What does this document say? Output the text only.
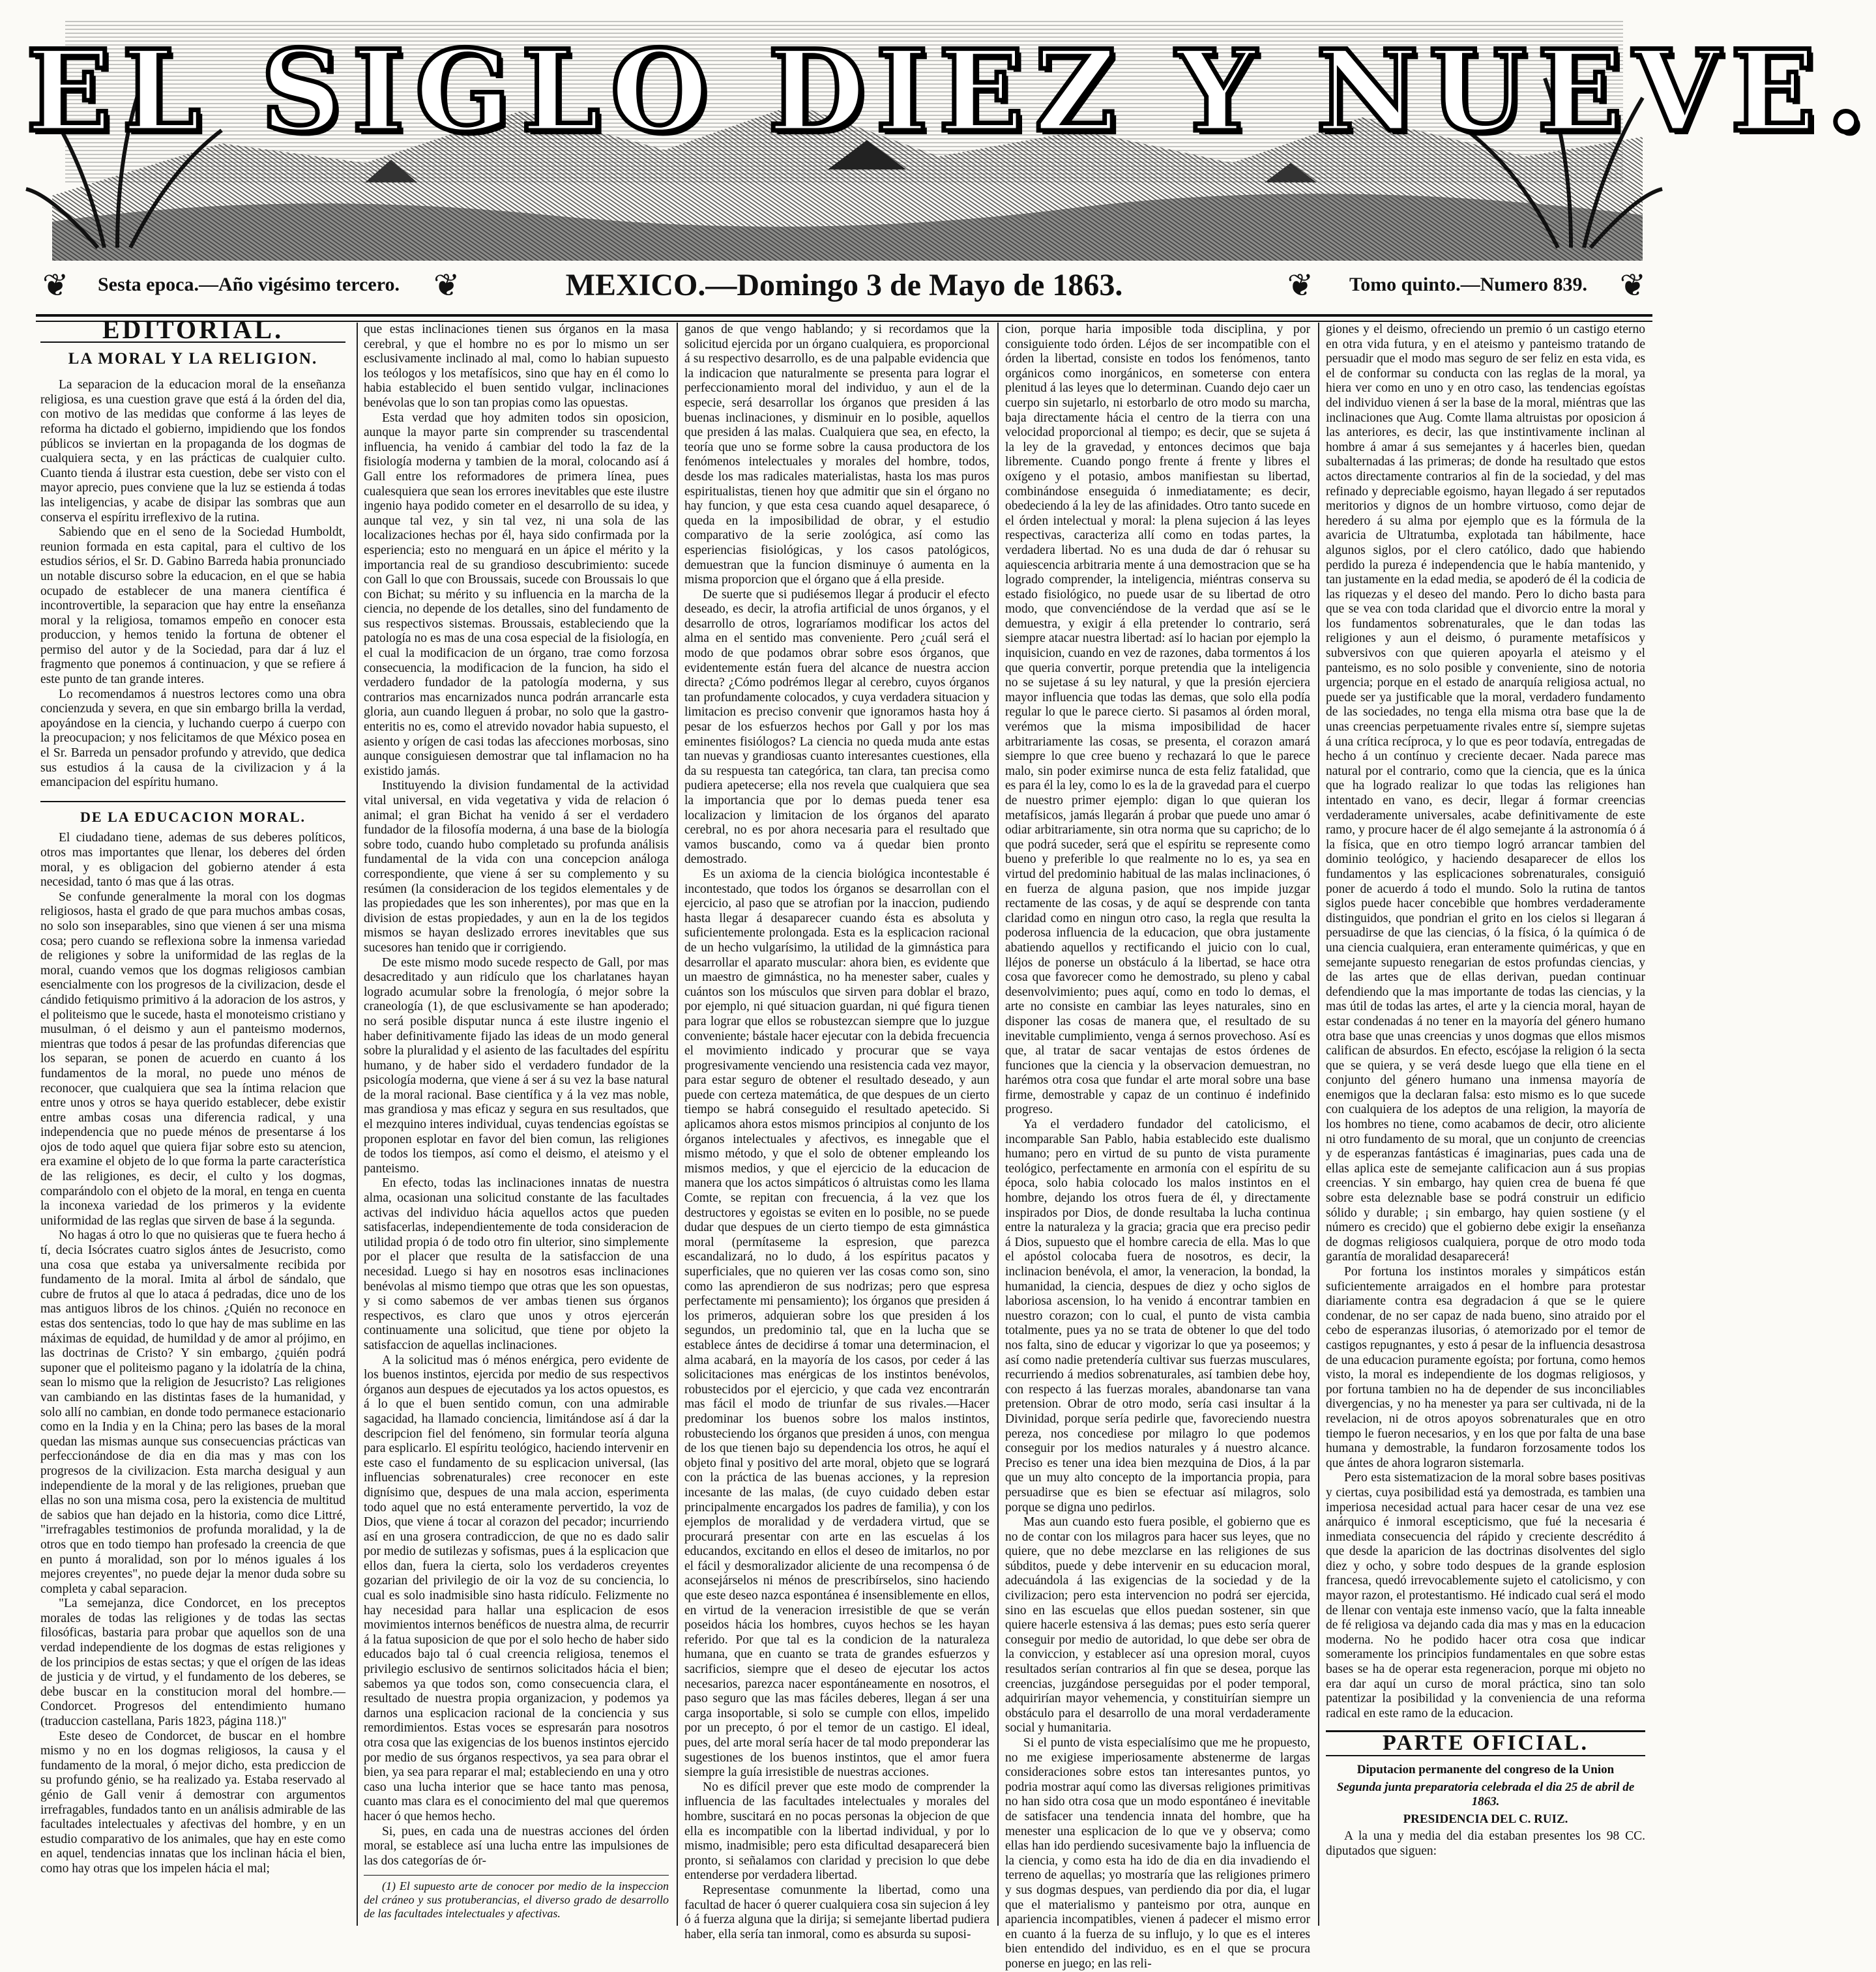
EL SIGLO DIEZ Y NUEVE.
❦ Sesta epoca.—Año vigésimo tercero. ❦	MEXICO.—Domingo 3 de Mayo de 1863.	❦ Tomo quinto.—Numero 839. ❦
EDITORIAL.
LA MORAL Y LA RELIGION.

La separacion de la educacion moral de la enseñanza religiosa, es una cuestion grave que está á la órden del dia, con motivo de las medidas que conforme á las leyes de reforma ha dictado el gobierno, impidiendo que los fondos públicos se inviertan en la propaganda de los dogmas de cualquiera secta, y en las prácticas de cualquier culto. Cuanto tienda á ilustrar esta cuestion, debe ser visto con el mayor aprecio, pues conviene que la luz se estienda á todas las inteligencias, y acabe de disipar las sombras que aun conserva el espíritu irreflexivo de la rutina.

Sabiendo que en el seno de la Sociedad Humboldt, reunion formada en esta capital, para el cultivo de los estudios sérios, el Sr. D. Gabino Barreda habia pronunciado un notable discurso sobre la educacion, en el que se habia ocupado de establecer de una manera científica é incontrovertible, la separacion que hay entre la enseñanza moral y la religiosa, tomamos empeño en conocer esta produccion, y hemos tenido la fortuna de obtener el permiso del autor y de la Sociedad, para dar á luz el fragmento que ponemos á continuacion, y que se refiere á este punto de tan grande interes.

Lo recomendamos á nuestros lectores como una obra concienzuda y severa, en que sin embargo brilla la verdad, apoyándose en la ciencia, y luchando cuerpo á cuerpo con la preocupacion; y nos felicitamos de que México posea en el Sr. Barreda un pensador profundo y atrevido, que dedica sus estudios á la causa de la civilizacion y á la emancipacion del espíritu humano.

DE LA EDUCACION MORAL.

El ciudadano tiene, ademas de sus deberes políticos, otros mas importantes que llenar, los deberes del órden moral, y es obligacion del gobierno atender á esta necesidad, tanto ó mas que á las otras.

Se confunde generalmente la moral con los dogmas religiosos, hasta el grado de que para muchos ambas cosas, no solo son inseparables, sino que vienen á ser una misma cosa; pero cuando se reflexiona sobre la inmensa variedad de religiones y sobre la uniformidad de las reglas de la moral, cuando vemos que los dogmas religiosos cambian esencialmente con los progresos de la civilizacion, desde el cándido fetiquismo primitivo á la adoracion de los astros, y el politeismo que le sucede, hasta el monoteismo cristiano y musulman, ó el deismo y aun el panteismo modernos, mientras que todos á pesar de las profundas diferencias que los separan, se ponen de acuerdo en cuanto á los fundamentos de la moral, no puede uno ménos de reconocer, que cualquiera que sea la íntima relacion que entre unos y otros se haya querido establecer, debe existir entre ambas cosas una diferencia radical, y una independencia que no puede ménos de presentarse á los ojos de todo aquel que quiera fijar sobre esto su atencion, era examine el objeto de lo que forma la parte característica de las religiones, es decir, el culto y los dogmas, comparándolo con el objeto de la moral, en tenga en cuenta la inconexa variedad de los primeros y la evidente uniformidad de las reglas que sirven de base á la segunda.

No hagas á otro lo que no quisieras que te fuera hecho á tí, decia Isócrates cuatro siglos ántes de Jesucristo, como una cosa que estaba ya universalmente recibida por fundamento de la moral. Imita al árbol de sándalo, que cubre de frutos al que lo ataca á pedradas, dice uno de los mas antiguos libros de los chinos. ¿Quién no reconoce en estas dos sentencias, todo lo que hay de mas sublime en las máximas de equidad, de humildad y de amor al prójimo, en las doctrinas de Cristo? Y sin embargo, ¿quién podrá suponer que el politeismo pagano y la idolatría de la china, sean lo mismo que la religion de Jesucristo? Las religiones van cambiando en las distintas fases de la humanidad, y solo allí no cambian, en donde todo permanece estacionario como en la India y en la China; pero las bases de la moral quedan las mismas aunque sus consecuencias prácticas van perfeccionándose de dia en dia mas y mas con los progresos de la civilizacion. Esta marcha desigual y aun independiente de la moral y de las religiones, prueban que ellas no son una misma cosa, pero la existencia de multitud de sabios que han dejado en la historia, como dice Littré, "irrefragables testimonios de profunda moralidad, y la de otros que en todo tiempo han profesado la creencia de que en punto á moralidad, son por lo ménos iguales á los mejores creyentes", no puede dejar la menor duda sobre su completa y cabal separacion.

"La semejanza, dice Condorcet, en los preceptos morales de todas las religiones y de todas las sectas filosóficas, bastaria para probar que aquellos son de una verdad independiente de los dogmas de estas religiones y de los principios de estas sectas; y que el orígen de las ideas de justicia y de virtud, y el fundamento de los deberes, se debe buscar en la constitucion moral del hombre.—Condorcet. Progresos del entendimiento humano (traduccion castellana, Paris 1823, página 118.)"

Este deseo de Condorcet, de buscar en el hombre mismo y no en los dogmas religiosos, la causa y el fundamento de la moral, ó mejor dicho, esta prediccion de su profundo génio, se ha realizado ya. Estaba reservado al génio de Gall venir á demostrar con argumentos irrefragables, fundados tanto en un análisis admirable de las facultades intelectuales y afectivas del hombre, y en un estudio comparativo de los animales, que hay en este como en aquel, tendencias innatas que los inclinan hácia el bien, como hay otras que los impelen hácia el mal;

que estas inclinaciones tienen sus órganos en la masa cerebral, y que el hombre no es por lo mismo un ser esclusivamente inclinado al mal, como lo habian supuesto los teólogos y los metafísicos, sino que hay en él como lo habia establecido el buen sentido vulgar, inclinaciones benévolas que lo son tan propias como las opuestas.

Esta verdad que hoy admiten todos sin oposicion, aunque la mayor parte sin comprender su trascendental influencia, ha venido á cambiar del todo la faz de la fisiología moderna y tambien de la moral, colocando así á Gall entre los reformadores de primera línea, pues cualesquiera que sean los errores inevitables que este ilustre ingenio haya podido cometer en el desarrollo de su idea, y aunque tal vez, y sin tal vez, ni una sola de las localizaciones hechas por él, haya sido confirmada por la esperiencia; esto no menguará en un ápice el mérito y la importancia real de su grandioso descubrimiento: sucede con Gall lo que con Broussais, sucede con Broussais lo que con Bichat; su mérito y su influencia en la marcha de la ciencia, no depende de los detalles, sino del fundamento de sus respectivos sistemas. Broussais, estableciendo que la patología no es mas de una cosa especial de la fisiología, en el cual la modificacion de un órgano, trae como forzosa consecuencia, la modificacion de la funcion, ha sido el verdadero fundador de la patología moderna, y sus contrarios mas encarnizados nunca podrán arrancarle esta gloria, aun cuando lleguen á probar, no solo que la gastro-enteritis no es, como el atrevido novador habia supuesto, el asiento y orígen de casi todas las afecciones morbosas, sino aunque consiguiesen demostrar que tal inflamacion no ha existido jamás.

Instituyendo la division fundamental de la actividad vital universal, en vida vegetativa y vida de relacion ó animal; el gran Bichat ha venido á ser el verdadero fundador de la filosofía moderna, á una base de la biología sobre todo, cuando hubo completado su profunda análisis fundamental de la vida con una concepcion análoga correspondiente, que viene á ser su complemento y su resúmen (la consideracion de los tegidos elementales y de las propiedades que les son inherentes), por mas que en la division de estas propiedades, y aun en la de los tegidos mismos se hayan deslizado errores inevitables que sus sucesores han tenido que ir corrigiendo.

De este mismo modo sucede respecto de Gall, por mas desacreditado y aun ridículo que los charlatanes hayan logrado acumular sobre la frenología, ó mejor sobre la craneología (1), de que esclusivamente se han apoderado; no será posible disputar nunca á este ilustre ingenio el haber definitivamente fijado las ideas de un modo general sobre la pluralidad y el asiento de las facultades del espíritu humano, y de haber sido el verdadero fundador de la psicología moderna, que viene á ser á su vez la base natural de la moral racional. Base científica y á la vez mas noble, mas grandiosa y mas eficaz y segura en sus resultados, que el mezquino interes individual, cuyas tendencias egoístas se proponen esplotar en favor del bien comun, las religiones de todos los tiempos, así como el deismo, el ateismo y el panteismo.

En efecto, todas las inclinaciones innatas de nuestra alma, ocasionan una solicitud constante de las facultades activas del individuo hácia aquellos actos que pueden satisfacerlas, independientemente de toda consideracion de utilidad propia ó de todo otro fin ulterior, sino simplemente por el placer que resulta de la satisfaccion de una necesidad. Luego si hay en nosotros esas inclinaciones benévolas al mismo tiempo que otras que les son opuestas, y si como sabemos de ver ambas tienen sus órganos respectivos, es claro que unos y otros ejercerán continuamente una solicitud, que tiene por objeto la satisfaccion de aquellas inclinaciones.

A la solicitud mas ó ménos enérgica, pero evidente de los buenos instintos, ejercida por medio de sus respectivos órganos aun despues de ejecutados ya los actos opuestos, es á lo que el buen sentido comun, con una admirable sagacidad, ha llamado conciencia, limitándose así á dar la descripcion fiel del fenómeno, sin formular teoría alguna para esplicarlo. El espíritu teológico, haciendo intervenir en este caso el fundamento de su esplicacion universal, (las influencias sobrenaturales) cree reconocer en este dignísimo que, despues de una mala accion, esperimenta todo aquel que no está enteramente pervertido, la voz de Dios, que viene á tocar al corazon del pecador; incurriendo así en una grosera contradiccion, de que no es dado salir por medio de sutilezas y sofismas, pues á la esplicacion que ellos dan, fuera la cierta, solo los verdaderos creyentes gozarian del privilegio de oir la voz de su conciencia, lo cual es solo inadmisible sino hasta ridículo. Felizmente no hay necesidad para hallar una esplicacion de esos movimientos internos benéficos de nuestra alma, de recurrir á la fatua suposicion de que por el solo hecho de haber sido educados bajo tal ó cual creencia religiosa, tenemos el privilegio esclusivo de sentirnos solicitados hácia el bien; sabemos ya que todos son, como consecuencia clara, el resultado de nuestra propia organizacion, y podemos ya darnos una esplicacion racional de la conciencia y sus remordimientos. Estas voces se espresarán para nosotros otra cosa que las exigencias de los buenos instintos ejercido por medio de sus órganos respectivos, ya sea para obrar el bien, ya sea para reparar el mal; estableciendo en una y otro caso una lucha interior que se hace tanto mas penosa, cuanto mas clara es el conocimiento del mal que queremos hacer ó que hemos hecho.

Si, pues, en cada una de nuestras acciones del órden moral, se establece así una lucha entre las impulsiones de las dos categorías de ór-

(1) El supuesto arte de conocer por medio de la inspeccion del cráneo y sus protuberancias, el diverso grado de desarrollo de las facultades intelectuales y afectivas.

ganos de que vengo hablando; y si recordamos que la solicitud ejercida por un órgano cualquiera, es proporcional á su respectivo desarrollo, es de una palpable evidencia que la indicacion que naturalmente se presenta para lograr el perfeccionamiento moral del individuo, y aun el de la especie, será desarrollar los órganos que presiden á las buenas inclinaciones, y disminuir en lo posible, aquellos que presiden á las malas. Cualquiera que sea, en efecto, la teoría que uno se forme sobre la causa productora de los fenómenos intelectuales y morales del hombre, todos, desde los mas radicales materialistas, hasta los mas puros espiritualistas, tienen hoy que admitir que sin el órgano no hay funcion, y que esta cesa cuando aquel desaparece, ó queda en la imposibilidad de obrar, y el estudio comparativo de la serie zoológica, así como las esperiencias fisiológicas, y los casos patológicos, demuestran que la funcion disminuye ó aumenta en la misma proporcion que el órgano que á ella preside.

De suerte que si pudiésemos llegar á producir el efecto deseado, es decir, la atrofia artificial de unos órganos, y el desarrollo de otros, lograríamos modificar los actos del alma en el sentido mas conveniente. Pero ¿cuál será el modo de que podamos obrar sobre esos órganos, que evidentemente están fuera del alcance de nuestra accion directa? ¿Cómo podrémos llegar al cerebro, cuyos órganos tan profundamente colocados, y cuya verdadera situacion y limitacion es preciso convenir que ignoramos hasta hoy á pesar de los esfuerzos hechos por Gall y por los mas eminentes fisiólogos? La ciencia no queda muda ante estas tan nuevas y grandiosas cuanto interesantes cuestiones, ella da su respuesta tan categórica, tan clara, tan precisa como pudiera apetecerse; ella nos revela que cualquiera que sea la importancia que por lo demas pueda tener esa localizacion y limitacion de los órganos del aparato cerebral, no es por ahora necesaria para el resultado que vamos buscando, como va á quedar bien pronto demostrado.

Es un axioma de la ciencia biológica incontestable é incontestado, que todos los órganos se desarrollan con el ejercicio, al paso que se atrofian por la inaccion, pudiendo hasta llegar á desaparecer cuando ésta es absoluta y suficientemente prolongada. Esta es la esplicacion racional de un hecho vulgarísimo, la utilidad de la gimnástica para desarrollar el aparato muscular: ahora bien, es evidente que un maestro de gimnástica, no ha menester saber, cuales y cuántos son los músculos que sirven para doblar el brazo, por ejemplo, ni qué situacion guardan, ni qué figura tienen para lograr que ellos se robustezcan siempre que lo juzgue conveniente; bástale hacer ejecutar con la debida frecuencia el movimiento indicado y procurar que se vaya progresivamente venciendo una resistencia cada vez mayor, para estar seguro de obtener el resultado deseado, y aun puede con certeza matemática, de que despues de un cierto tiempo se habrá conseguido el resultado apetecido. Si aplicamos ahora estos mismos principios al conjunto de los órganos intelectuales y afectivos, es innegable que el mismo método, y que el solo de obtener empleando los mismos medios, y que el ejercicio de la educacion de manera que los actos simpáticos ó altruistas como les llama Comte, se repitan con frecuencia, á la vez que los destructores y egoistas se eviten en lo posible, no se puede dudar que despues de un cierto tiempo de esta gimnástica moral (permítaseme la espresion, que parezca escandalizará, no lo dudo, á los espíritus pacatos y superficiales, que no quieren ver las cosas como son, sino como las aprendieron de sus nodrizas; pero que espresa perfectamente mi pensamiento); los órganos que presiden á los primeros, adquieran sobre los que presiden á los segundos, un predominio tal, que en la lucha que se establece ántes de decidirse á tomar una determinacion, el alma acabará, en la mayoría de los casos, por ceder á las solicitaciones mas enérgicas de los instintos benévolos, robustecidos por el ejercicio, y que cada vez encontrarán mas fácil el modo de triunfar de sus rivales.—Hacer predominar los buenos sobre los malos instintos, robusteciendo los órganos que presiden á unos, con mengua de los que tienen bajo su dependencia los otros, he aquí el objeto final y positivo del arte moral, objeto que se logrará con la práctica de las buenas acciones, y la represion incesante de las malas, (de cuyo cuidado deben estar principalmente encargados los padres de familia), y con los ejemplos de moralidad y de verdadera virtud, que se procurará presentar con arte en las escuelas á los educandos, excitando en ellos el deseo de imitarlos, no por el fácil y desmoralizador aliciente de una recompensa ó de aconsejárselos ni ménos de prescribírselos, sino haciendo que este deseo nazca espontánea é insensiblemente en ellos, en virtud de la veneracion irresistible de que se verán poseidos hácia los hombres, cuyos hechos se les hayan referido. Por que tal es la condicion de la naturaleza humana, que en cuanto se trata de grandes esfuerzos y sacrificios, siempre que el deseo de ejecutar los actos necesarios, parezca nacer espontáneamente en nosotros, el paso seguro que las mas fáciles deberes, llegan á ser una carga insoportable, si solo se cumple con ellos, impelido por un precepto, ó por el temor de un castigo. El ideal, pues, del arte moral sería hacer de tal modo preponderar las sugestiones de los buenos instintos, que el amor fuera siempre la guía irresistible de nuestras acciones.

No es difícil prever que este modo de comprender la influencia de las facultades intelectuales y morales del hombre, suscitará en no pocas personas la objecion de que ella es incompatible con la libertad individual, y por lo mismo, inadmisible; pero esta dificultad desaparecerá bien pronto, si señalamos con claridad y precision lo que debe entenderse por verdadera libertad.

Representase comunmente la libertad, como una facultad de hacer ó querer cualquiera cosa sin sujecion á ley ó á fuerza alguna que la dirija; si semejante libertad pudiera haber, ella sería tan inmoral, como es absurda su suposi-

cion, porque haria imposible toda disciplina, y por consiguiente todo órden. Léjos de ser incompatible con el órden la libertad, consiste en todos los fenómenos, tanto orgánicos como inorgánicos, en someterse con entera plenitud á las leyes que lo determinan. Cuando dejo caer un cuerpo sin sujetarlo, ni estorbarlo de otro modo su marcha, baja directamente hácia el centro de la tierra con una velocidad proporcional al tiempo; es decir, que se sujeta á la ley de la gravedad, y entonces decimos que baja libremente. Cuando pongo frente á frente y libres el oxígeno y el potasio, ambos manifiestan su libertad, combinándose enseguida ó inmediatamente; es decir, obedeciendo á la ley de las afinidades. Otro tanto sucede en el órden intelectual y moral: la plena sujecion á las leyes respectivas, caracteriza allí como en todas partes, la verdadera libertad. No es una duda de dar ó rehusar su aquiescencia arbitraria mente á una demostracion que se ha logrado comprender, la inteligencia, miéntras conserva su estado fisiológico, no puede usar de su libertad de otro modo, que convenciéndose de la verdad que así se le demuestra, y exigir á ella pretender lo contrario, será siempre atacar nuestra libertad: así lo hacian por ejemplo la inquisicion, cuando en vez de razones, daba tormentos á los que queria convertir, porque pretendia que la inteligencia no se sujetase á su ley natural, y que la presión ejerciera mayor influencia que todas las demas, que solo ella podía regular lo que le parece cierto. Si pasamos al órden moral, verémos que la misma imposibilidad de hacer arbitrariamente las cosas, se presenta, el corazon amará siempre lo que cree bueno y rechazará lo que le parece malo, sin poder eximirse nunca de esta feliz fatalidad, que es para él la ley, como lo es la de la gravedad para el cuerpo de nuestro primer ejemplo: digan lo que quieran los metafísicos, jamás llegarán á probar que puede uno amar ó odiar arbitrariamente, sin otra norma que su capricho; de lo que podrá suceder, será que el espíritu se represente como bueno y preferible lo que realmente no lo es, ya sea en virtud del predominio habitual de las malas inclinaciones, ó en fuerza de alguna pasion, que nos impide juzgar rectamente de las cosas, y de aquí se desprende con tanta claridad como en ningun otro caso, la regla que resulta la poderosa influencia de la educacion, que obra justamente abatiendo aquellos y rectificando el juicio con lo cual, lléjos de ponerse un obstáculo á la libertad, se hace otra cosa que favorecer como he demostrado, su pleno y cabal desenvolvimiento; pues aquí, como en todo lo demas, el arte no consiste en cambiar las leyes naturales, sino en disponer las cosas de manera que, el resultado de su inevitable cumplimiento, venga á sernos provechoso. Así es que, al tratar de sacar ventajas de estos órdenes de funciones que la ciencia y la observacion demuestran, no harémos otra cosa que fundar el arte moral sobre una base firme, demostrable y capaz de un continuo é indefinido progreso.

Ya el verdadero fundador del catolicismo, el incomparable San Pablo, habia establecido este dualismo humano; pero en virtud de su punto de vista puramente teológico, perfectamente en armonía con el espíritu de su época, solo habia colocado los malos instintos en el hombre, dejando los otros fuera de él, y directamente inspirados por Dios, de donde resultaba la lucha continua entre la naturaleza y la gracia; gracia que era preciso pedir á Dios, supuesto que el hombre carecia de ella. Mas lo que el apóstol colocaba fuera de nosotros, es decir, la inclinacion benévola, el amor, la veneracion, la bondad, la humanidad, la ciencia, despues de diez y ocho siglos de laboriosa ascension, lo ha venido á encontrar tambien en nuestro corazon; con lo cual, el punto de vista cambia totalmente, pues ya no se trata de obtener lo que del todo nos falta, sino de educar y vigorizar lo que ya poseemos; y así como nadie pretendería cultivar sus fuerzas musculares, recurriendo á medios sobrenaturales, así tambien debe hoy, con respecto á las fuerzas morales, abandonarse tan vana pretension. Obrar de otro modo, sería casi insultar á la Divinidad, porque sería pedirle que, favoreciendo nuestra pereza, nos concediese por milagro lo que podemos conseguir por los medios naturales y á nuestro alcance. Preciso es tener una idea bien mezquina de Dios, á la par que un muy alto concepto de la importancia propia, para persuadirse que es bien se efectuar así milagros, solo porque se digna uno pedirlos.

Mas aun cuando esto fuera posible, el gobierno que es no de contar con los milagros para hacer sus leyes, que no quiere, que no debe mezclarse en las religiones de sus súbditos, puede y debe intervenir en su educacion moral, adecuándola á las exigencias de la sociedad y de la civilizacion; pero esta intervencion no podrá ser ejercida, sino en las escuelas que ellos puedan sostener, sin que quiere hacerle estensiva á las demas; pues esto sería querer conseguir por medio de autoridad, lo que debe ser obra de la conviccion, y establecer así una opresion moral, cuyos resultados serían contrarios al fin que se desea, porque las creencias, juzgándose perseguidas por el poder temporal, adquirirían mayor vehemencia, y constituirían siempre un obstáculo para el desarrollo de una moral verdaderamente social y humanitaria.

Si el punto de vista especialísimo que me he propuesto, no me exigiese imperiosamente abstenerme de largas consideraciones sobre estos tan interesantes puntos, yo podria mostrar aquí como las diversas religiones primitivas no han sido otra cosa que un modo espontáneo é inevitable de satisfacer una tendencia innata del hombre, que ha menester una esplicacion de lo que ve y observa; como ellas han ido perdiendo sucesivamente bajo la influencia de la ciencia, y como esta ha ido de dia en dia invadiendo el terreno de aquellas; yo mostraría que las religiones primero y sus dogmas despues, van perdiendo dia por dia, el lugar que el materialismo y panteismo por otra, aunque en apariencia incompatibles, vienen á padecer el mismo error en cuanto á la fuerza de su influjo, y lo que es el interes bien entendido del individuo, es en el que se procura ponerse en juego; en las reli-

giones y el deismo, ofreciendo un premio ó un castigo eterno en otra vida futura, y en el ateismo y panteismo tratando de persuadir que el modo mas seguro de ser feliz en esta vida, es el de conformar su conducta con las reglas de la moral, ya hiera ver como en uno y en otro caso, las tendencias egoístas del individuo vienen á ser la base de la moral, miéntras que las inclinaciones que Aug. Comte llama altruistas por oposicion á las anteriores, es decir, las que instintivamente inclinan al hombre á amar á sus semejantes y á hacerles bien, quedan subalternadas á las primeras; de donde ha resultado que estos actos directamente contrarios al fin de la sociedad, y del mas refinado y depreciable egoismo, hayan llegado á ser reputados meritorios y dignos de un hombre virtuoso, como dejar de heredero á su alma por ejemplo que es la fórmula de la avaricia de Ultratumba, explotada tan hábilmente, hace algunos siglos, por el clero católico, dado que habiendo perdido la pureza é independencia que le había mantenido, y tan justamente en la edad media, se apoderó de él la codicia de las riquezas y el deseo del mando. Pero lo dicho basta para que se vea con toda claridad que el divorcio entre la moral y los fundamentos sobrenaturales, que le dan todas las religiones y aun el deismo, ó puramente metafísicos y subversivos con que quieren apoyarla el ateismo y el panteismo, es no solo posible y conveniente, sino de notoria urgencia; porque en el estado de anarquía religiosa actual, no puede ser ya justificable que la moral, verdadero fundamento de las sociedades, no tenga ella misma otra base que la de unas creencias perpetuamente rivales entre sí, siempre sujetas á una crítica recíproca, y lo que es peor todavía, entregadas de hecho á un contínuo y creciente decaer. Nada parece mas natural por el contrario, como que la ciencia, que es la única que ha logrado realizar lo que todas las religiones han intentado en vano, es decir, llegar á formar creencias verdaderamente universales, acabe definitivamente de este ramo, y procure hacer de él algo semejante á la astronomía ó á la física, que en otro tiempo logró arrancar tambien del dominio teológico, y haciendo desaparecer de ellos los fundamentos y las esplicaciones sobrenaturales, consiguió poner de acuerdo á todo el mundo. Solo la rutina de tantos siglos puede hacer concebible que hombres verdaderamente distinguidos, que pondrian el grito en los cielos si llegaran á persuadirse de que las ciencias, ó la física, ó la química ó de una ciencia cualquiera, eran enteramente quiméricas, y que en semejante supuesto renegarian de estos profundas ciencias, y de las artes que de ellas derivan, puedan continuar defendiendo que la mas importante de todas las ciencias, y la mas útil de todas las artes, el arte y la ciencia moral, hayan de estar condenadas á no tener en la mayoría del género humano otra base que unas creencias y unos dogmas que ellos mismos califican de absurdos. En efecto, escójase la religion ó la secta que se quiera, y se verá desde luego que ella tiene en el conjunto del género humano una inmensa mayoría de enemigos que la declaran falsa: esto mismo es lo que sucede con cualquiera de los adeptos de una religion, la mayoría de los hombres no tiene, como acabamos de decir, otro aliciente ni otro fundamento de su moral, que un conjunto de creencias y de esperanzas fantásticas é imaginarias, pues cada una de ellas aplica este de semejante calificacion aun á sus propias creencias. Y sin embargo, hay quien crea de buena fé que sobre esta deleznable base se podrá construir un edificio sólido y durable; ¡ sin embargo, hay quien sostiene (y el número es crecido) que el gobierno debe exigir la enseñanza de dogmas religiosos cualquiera, porque de otro modo toda garantía de moralidad desaparecerá!

Por fortuna los instintos morales y simpáticos están suficientemente arraigados en el hombre para protestar diariamente contra esa degradacion á que se le quiere condenar, de no ser capaz de nada bueno, sino atraido por el cebo de esperanzas ilusorias, ó atemorizado por el temor de castigos repugnantes, y esto á pesar de la influencia desastrosa de una educacion puramente egoísta; por fortuna, como hemos visto, la moral es independiente de los dogmas religiosos, y por fortuna tambien no ha de depender de sus inconciliables divergencias, y no ha menester ya para ser cultivada, ni de la revelacion, ni de otros apoyos sobrenaturales que en otro tiempo le fueron necesarios, y en los que por falta de una base humana y demostrable, la fundaron forzosamente todos los que ántes de ahora lograron sistemarla.

Pero esta sistematizacion de la moral sobre bases positivas y ciertas, cuya posibilidad está ya demostrada, es tambien una imperiosa necesidad actual para hacer cesar de una vez ese anárquico é inmoral escepticismo, que fué la necesaria é inmediata consecuencia del rápido y creciente descrédito á que desde la aparicion de las doctrinas disolventes del siglo diez y ocho, y sobre todo despues de la grande esplosion francesa, quedó irrevocablemente sujeto el catolicismo, y con mayor razon, el protestantismo. Hé indicado cual será el modo de llenar con ventaja este inmenso vacío, que la falta inneable de fé religiosa va dejando cada dia mas y mas en la educacion moderna. No he podido hacer otra cosa que indicar someramente los principios fundamentales en que sobre estas bases se ha de operar esta regeneracion, porque mi objeto no era dar aquí un curso de moral práctica, sino tan solo patentizar la posibilidad y la conveniencia de una reforma radical en este ramo de la educacion.

PARTE OFICIAL.
Diputacion permanente del congreso de la Union
Segunda junta preparatoria celebrada el dia 25 de abril de 1863.
PRESIDENCIA DEL C. RUIZ.

A la una y media del dia estaban presentes los 98 CC. diputados que siguen:
